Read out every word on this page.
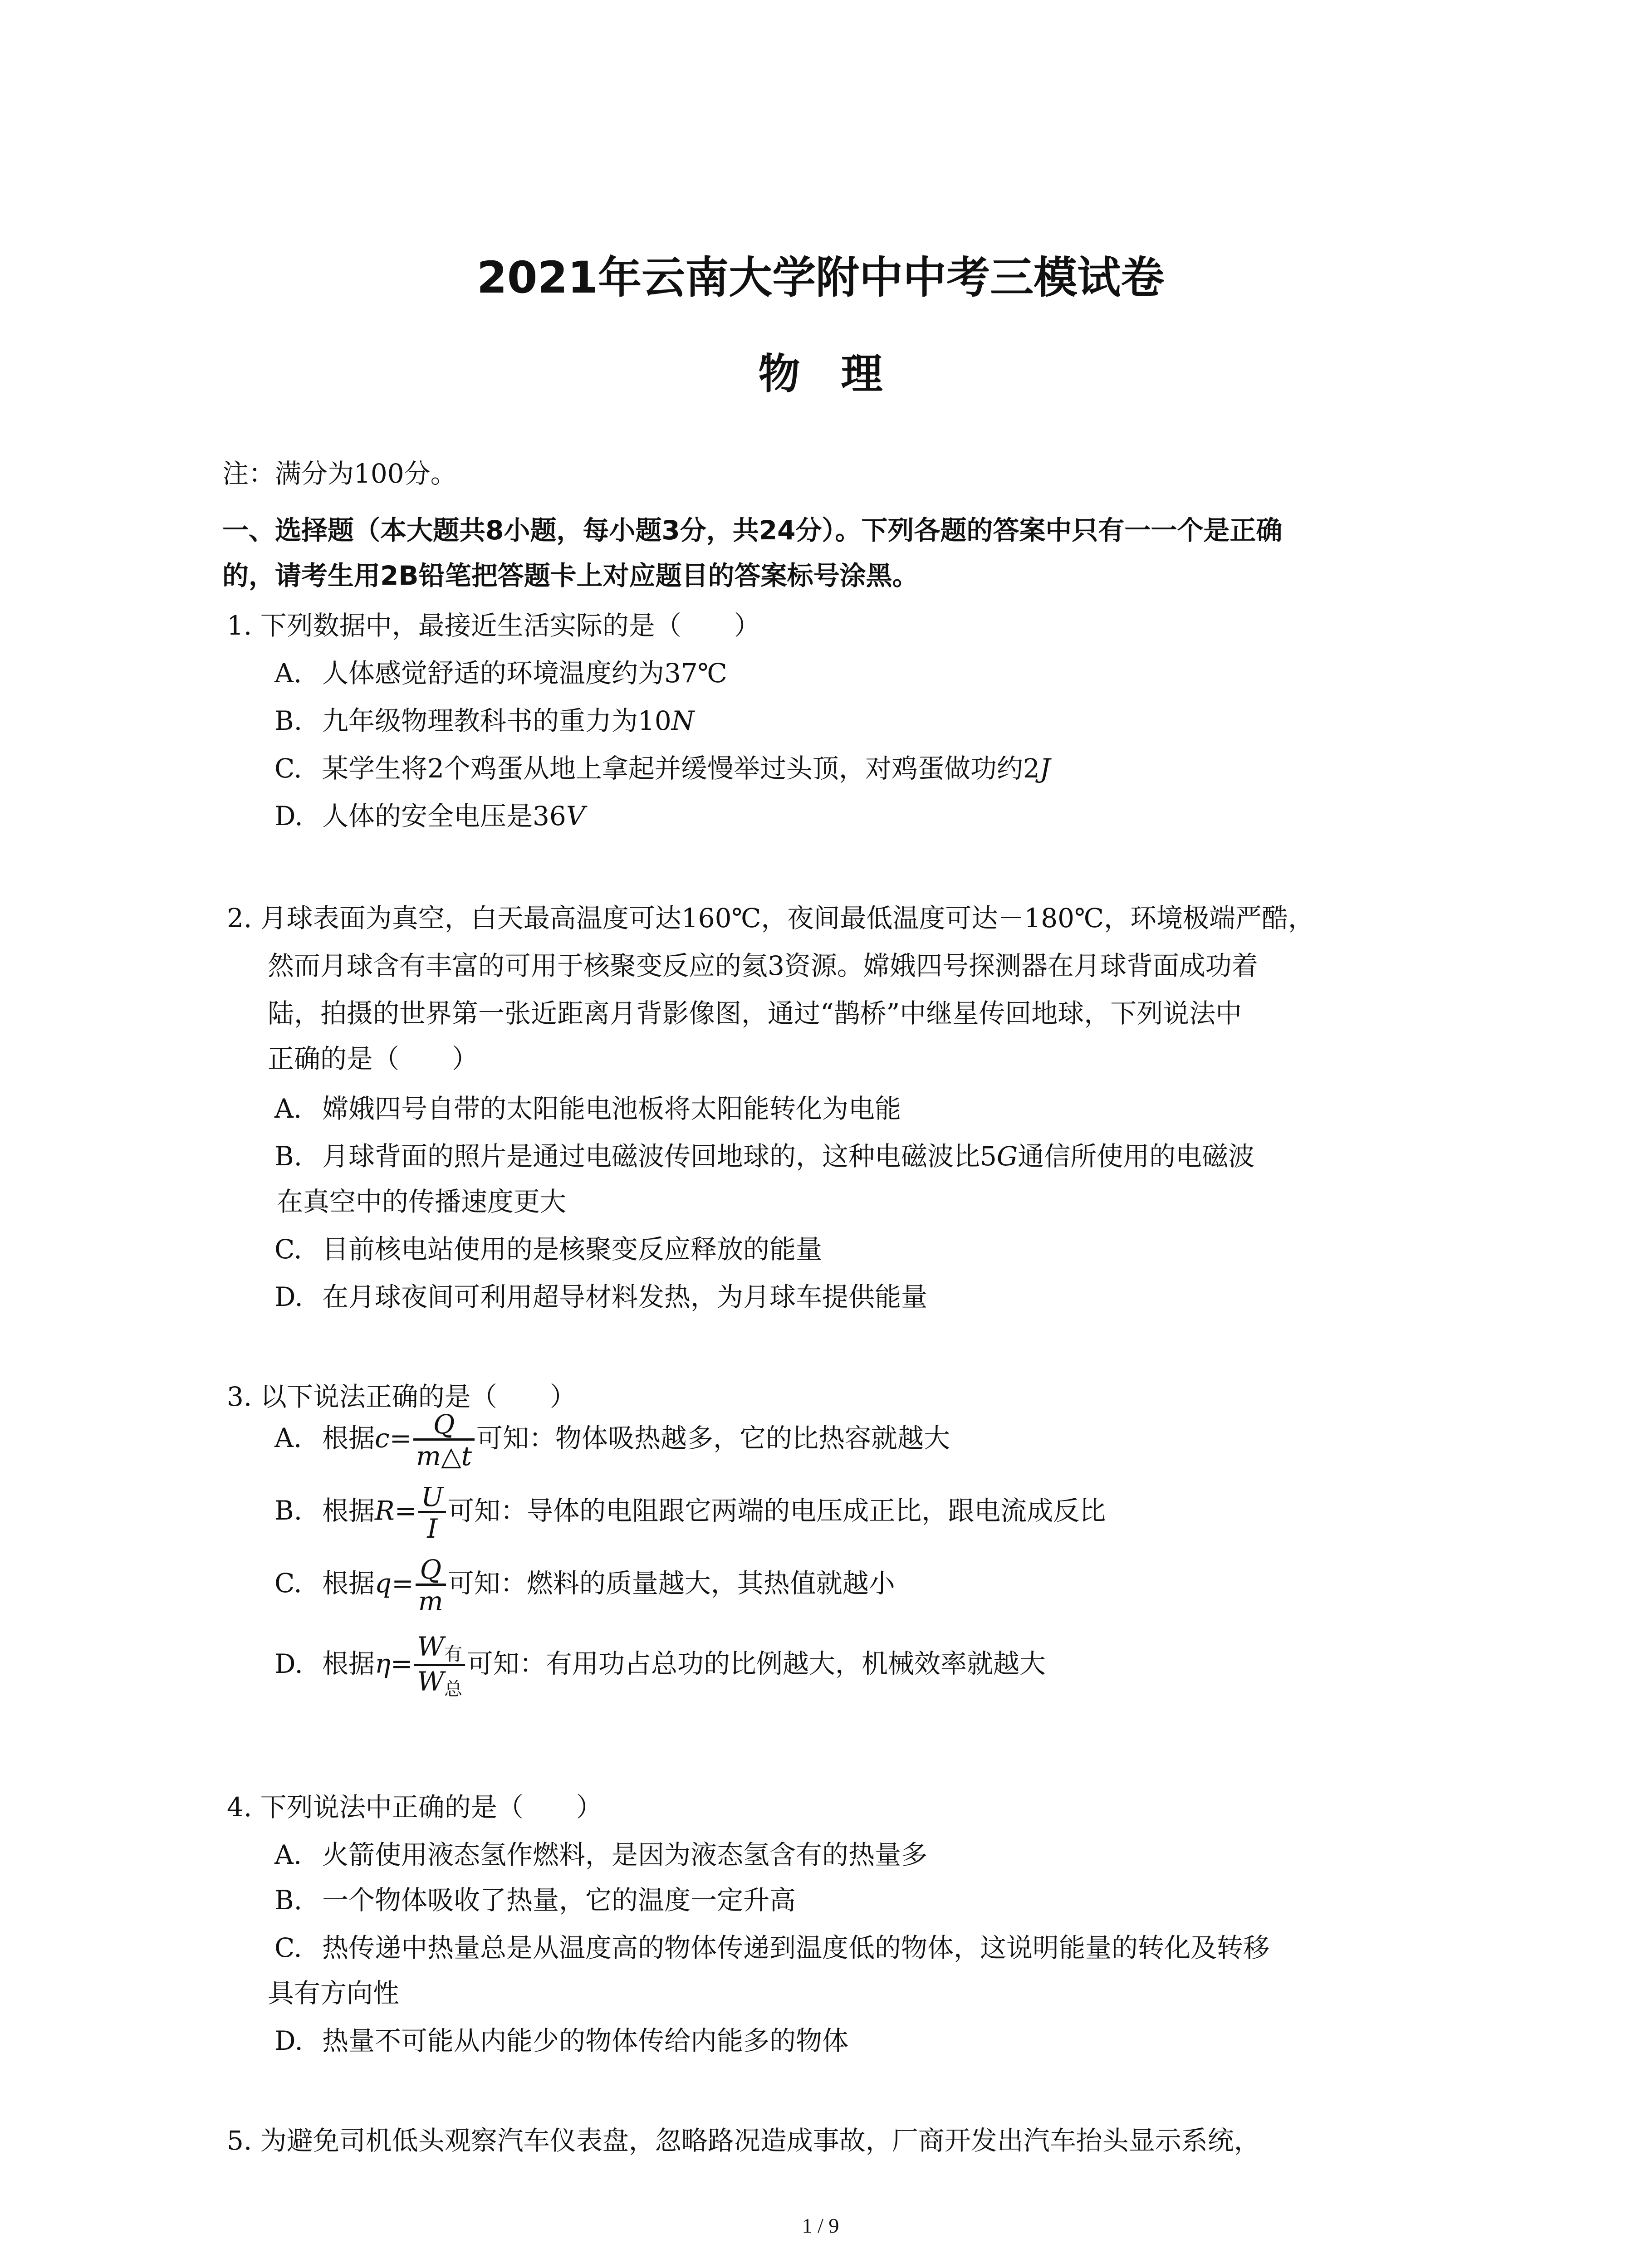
2021年云南大学附中中考三模试卷
物理
注：满分为100分。
一、选择题（本大题共8小题，每小题3分，共24分）。下列各题的答案中只有一一个是正确
的，请考生用2B铅笔把答题卡上对应题目的答案标号涂黑。
1. 下列数据中，最接近生活实际的是（　　）
A. 人体感觉舒适的环境温度约为37℃
B. 九年级物理教科书的重力为10N
C. 某学生将2个鸡蛋从地上拿起并缓慢举过头顶，对鸡蛋做功约2J
D. 人体的安全电压是36V
2. 月球表面为真空，白天最高温度可达160℃，夜间最低温度可达－180℃，环境极端严酷，
然而月球含有丰富的可用于核聚变反应的氦3资源。嫦娥四号探测器在月球背面成功着
陆，拍摄的世界第一张近距离月背影像图，通过“鹊桥”中继星传回地球，下列说法中
正确的是（　　）
A. 嫦娥四号自带的太阳能电池板将太阳能转化为电能
B. 月球背面的照片是通过电磁波传回地球的，这种电磁波比5G通信所使用的电磁波
在真空中的传播速度更大
C. 目前核电站使用的是核聚变反应释放的能量
D. 在月球夜间可利用超导材料发热，为月球车提供能量
3. 以下说法正确的是（　　）
A. 根据$c= \frac{Q}{m\triangle t}$ 可知：物体吸热越多，它的比热容就越大
B. 根据$R= \frac{U}{I}$ 可知：导体的电阻跟它两端的电压成正比，跟电流成反比
C. 根据$q= \frac{Q}{m}$ 可知：燃料的质量越大，其热值就越小
D. 根据$\eta= \frac{W_有}{W_总}$ 可知：有用功占总功的比例越大，机械效率就越大
4. 下列说法中正确的是（　　）
A. 火箭使用液态氢作燃料，是因为液态氢含有的热量多
B. 一个物体吸收了热量，它的温度一定升高
C. 热传递中热量总是从温度高的物体传递到温度低的物体，这说明能量的转化及转移
具有方向性
D. 热量不可能从内能少的物体传给内能多的物体
5. 为避免司机低头观察汽车仪表盘，忽略路况造成事故，厂商开发出汽车抬头显示系统，
1 / 9
